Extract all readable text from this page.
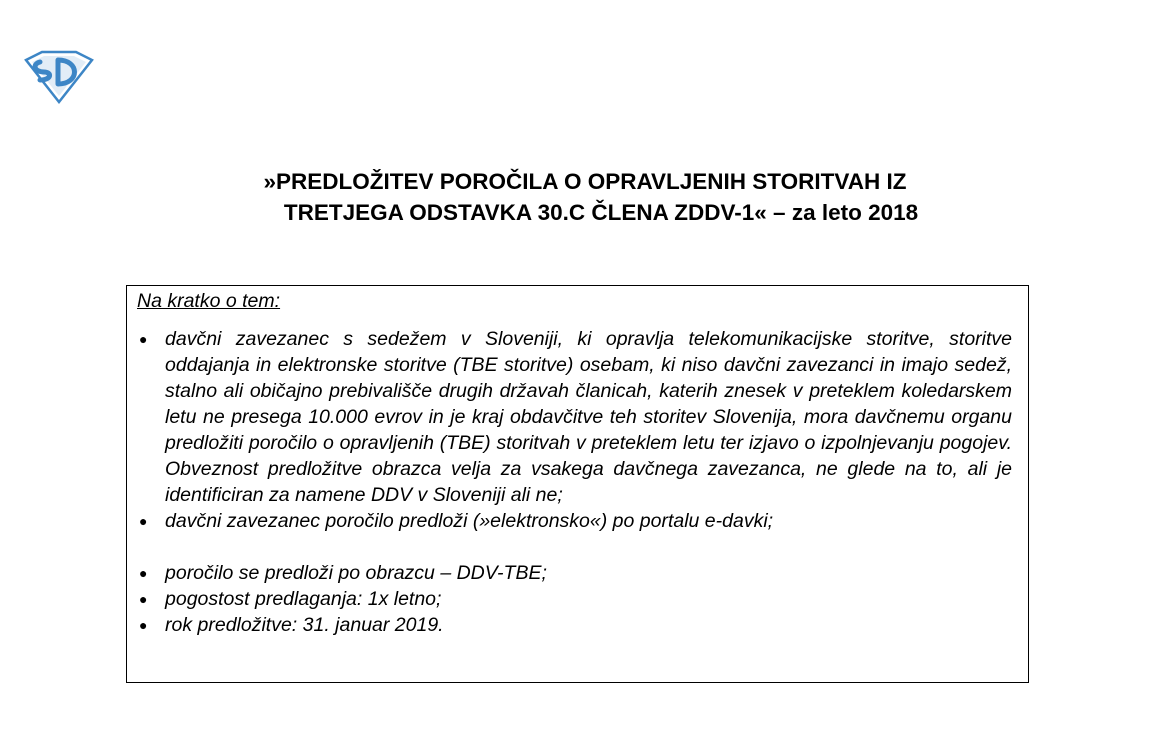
»PREDLOŽITEV POROČILA O OPRAVLJENIH STORITVAH IZ
TRETJEGA ODSTAVKA 30.C ČLENA ZDDV-1« – za leto 2018
Na kratko o tem:
● davčni zavezanec s sedežem v Sloveniji, ki opravlja telekomunikacijske storitve, storitve oddajanja in elektronske storitve (TBE storitve) osebam, ki niso davčni zavezanci in imajo sedež, stalno ali običajno prebivališče drugih državah članicah, katerih znesek v preteklem koledarskem letu ne presega 10.000 evrov in je kraj obdavčitve teh storitev Slovenija, mora davčnemu organu predložiti poročilo o opravljenih (TBE) storitvah v preteklem letu ter izjavo o izpolnjevanju pogojev. Obveznost predložitve obrazca velja za vsakega davčnega zavezanca, ne glede na to, ali je identificiran za namene DDV v Sloveniji ali ne;
● davčni zavezanec poročilo predloži (»elektronsko«) po portalu e-davki;
● poročilo se predloži po obrazcu – DDV-TBE;
● pogostost predlaganja: 1x letno;
● rok predložitve: 31. januar 2019.
